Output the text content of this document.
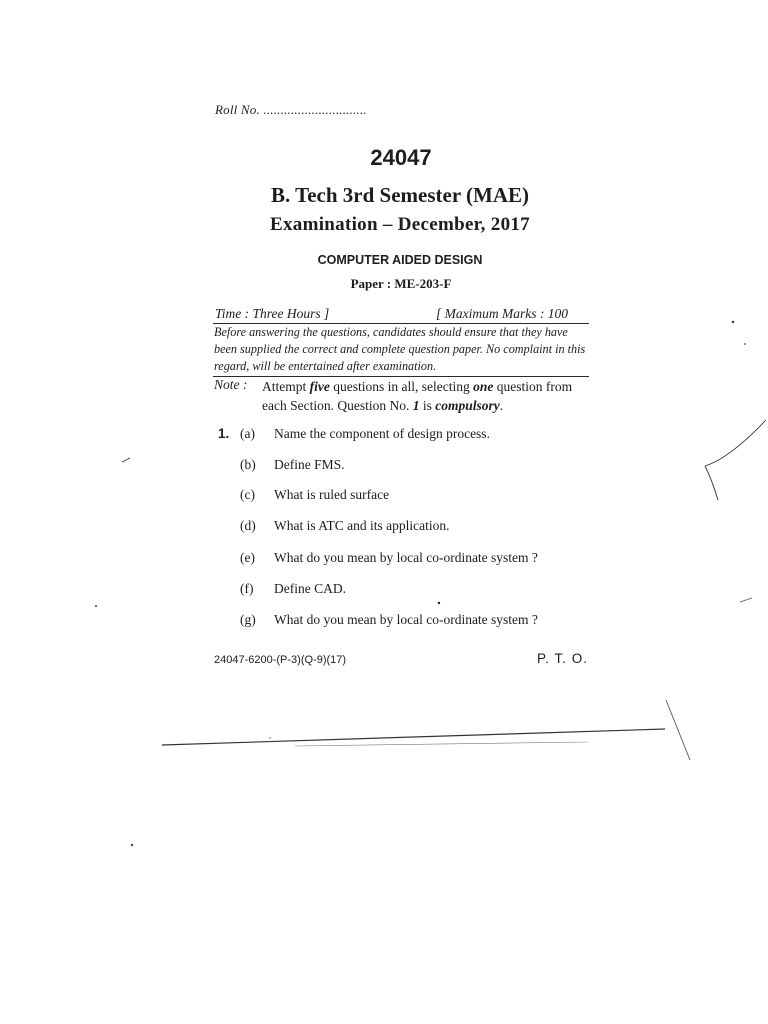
Roll No. ..............................
24047
B. Tech 3rd Semester (MAE)
Examination – December, 2017
COMPUTER AIDED DESIGN
Paper : ME-203-F
Time : Three Hours ]	[ Maximum Marks : 100
Before answering the questions, candidates should ensure that they have been supplied the correct and complete question paper. No complaint in this regard, will be entertained after examination.
Note : Attempt five questions in all, selecting one question from each Section. Question No. 1 is compulsory.
1. (a) Name the component of design process.
(b) Define FMS.
(c) What is ruled surface
(d) What is ATC and its application.
(e) What do you mean by local co-ordinate system ?
(f) Define CAD.
(g) What do you mean by local co-ordinate system ?
24047-6200-(P-3)(Q-9)(17)	P. T. O.
